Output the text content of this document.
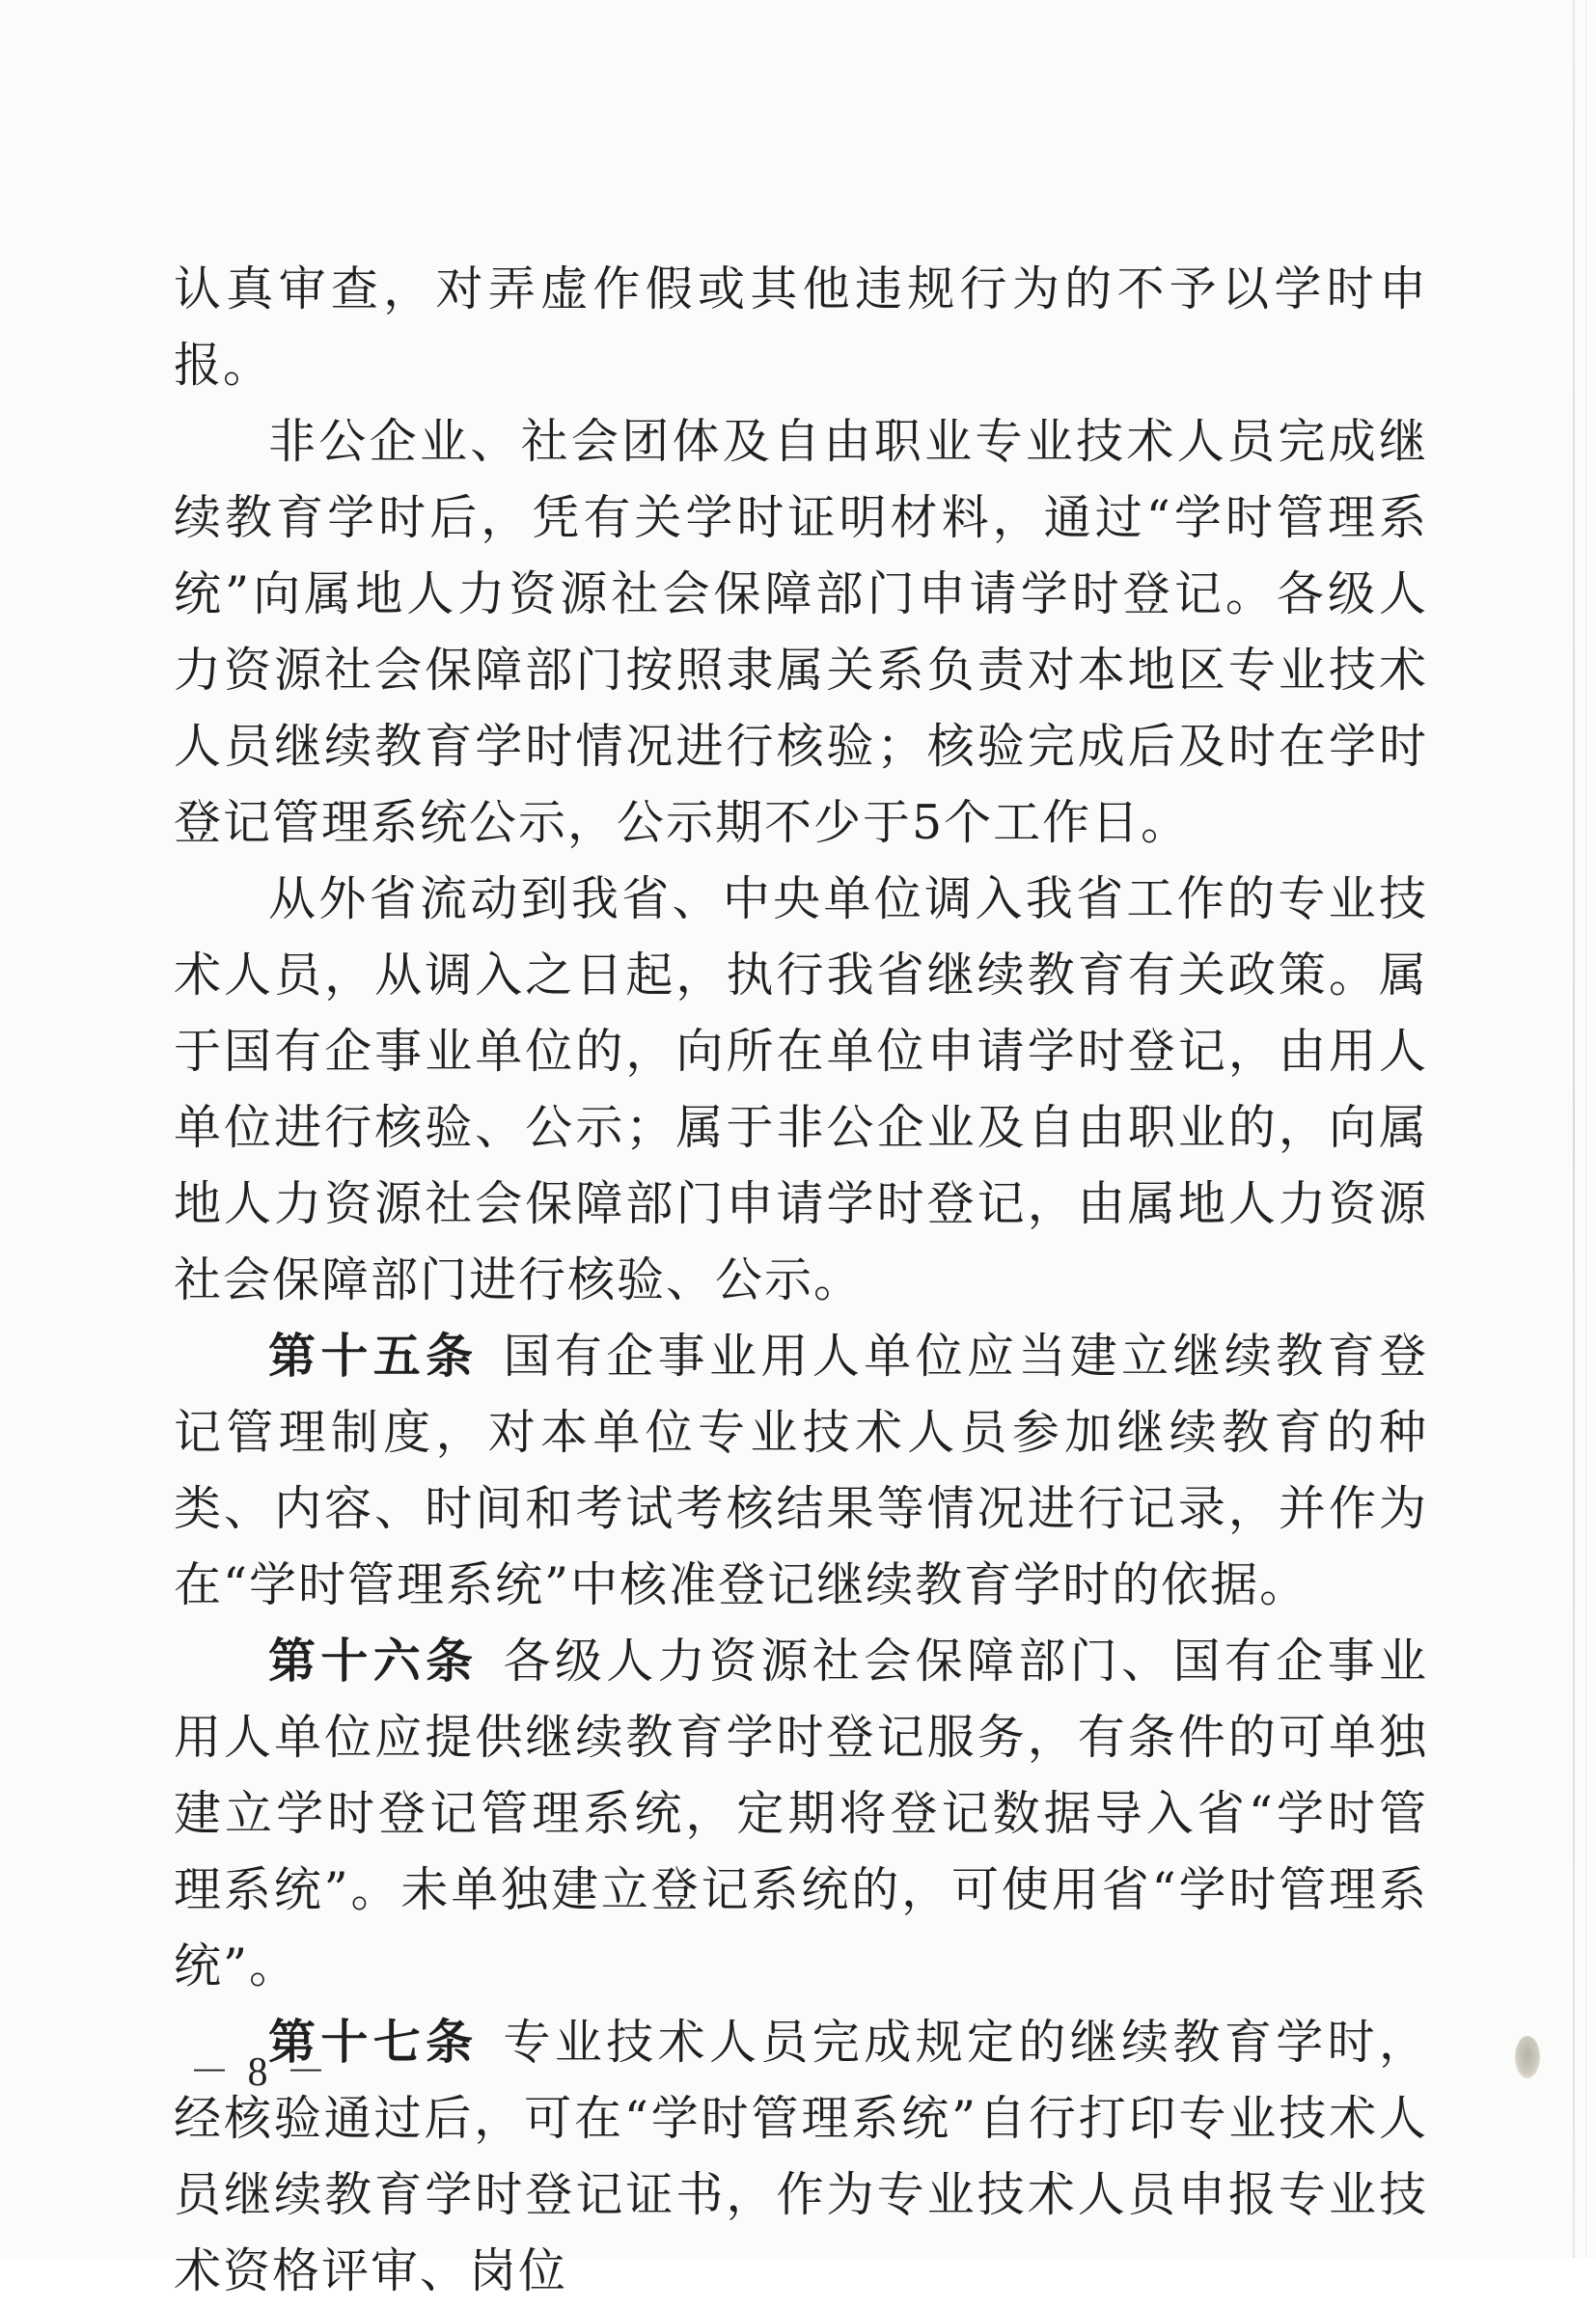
认真审查，对弄虚作假或其他违规行为的不予以学时申报。

非公企业、社会团体及自由职业专业技术人员完成继续教育学时后，凭有关学时证明材料，通过“学时管理系统”向属地人力资源社会保障部门申请学时登记。各级人力资源社会保障部门按照隶属关系负责对本地区专业技术人员继续教育学时情况进行核验；核验完成后及时在学时登记管理系统公示，公示期不少于5个工作日。

从外省流动到我省、中央单位调入我省工作的专业技术人员，从调入之日起，执行我省继续教育有关政策。属于国有企事业单位的，向所在单位申请学时登记，由用人单位进行核验、公示；属于非公企业及自由职业的，向属地人力资源社会保障部门申请学时登记，由属地人力资源社会保障部门进行核验、公示。

第十五条 国有企事业用人单位应当建立继续教育登记管理制度，对本单位专业技术人员参加继续教育的种类、内容、时间和考试考核结果等情况进行记录，并作为在“学时管理系统”中核准登记继续教育学时的依据。

第十六条 各级人力资源社会保障部门、国有企事业用人单位应提供继续教育学时登记服务，有条件的可单独建立学时登记管理系统，定期将登记数据导入省“学时管理系统”。未单独建立登记系统的，可使用省“学时管理系统”。

第十七条 专业技术人员完成规定的继续教育学时，经核验通过后，可在“学时管理系统”自行打印专业技术人员继续教育学时登记证书，作为专业技术人员申报专业技术资格评审、岗位

－ 8 －
